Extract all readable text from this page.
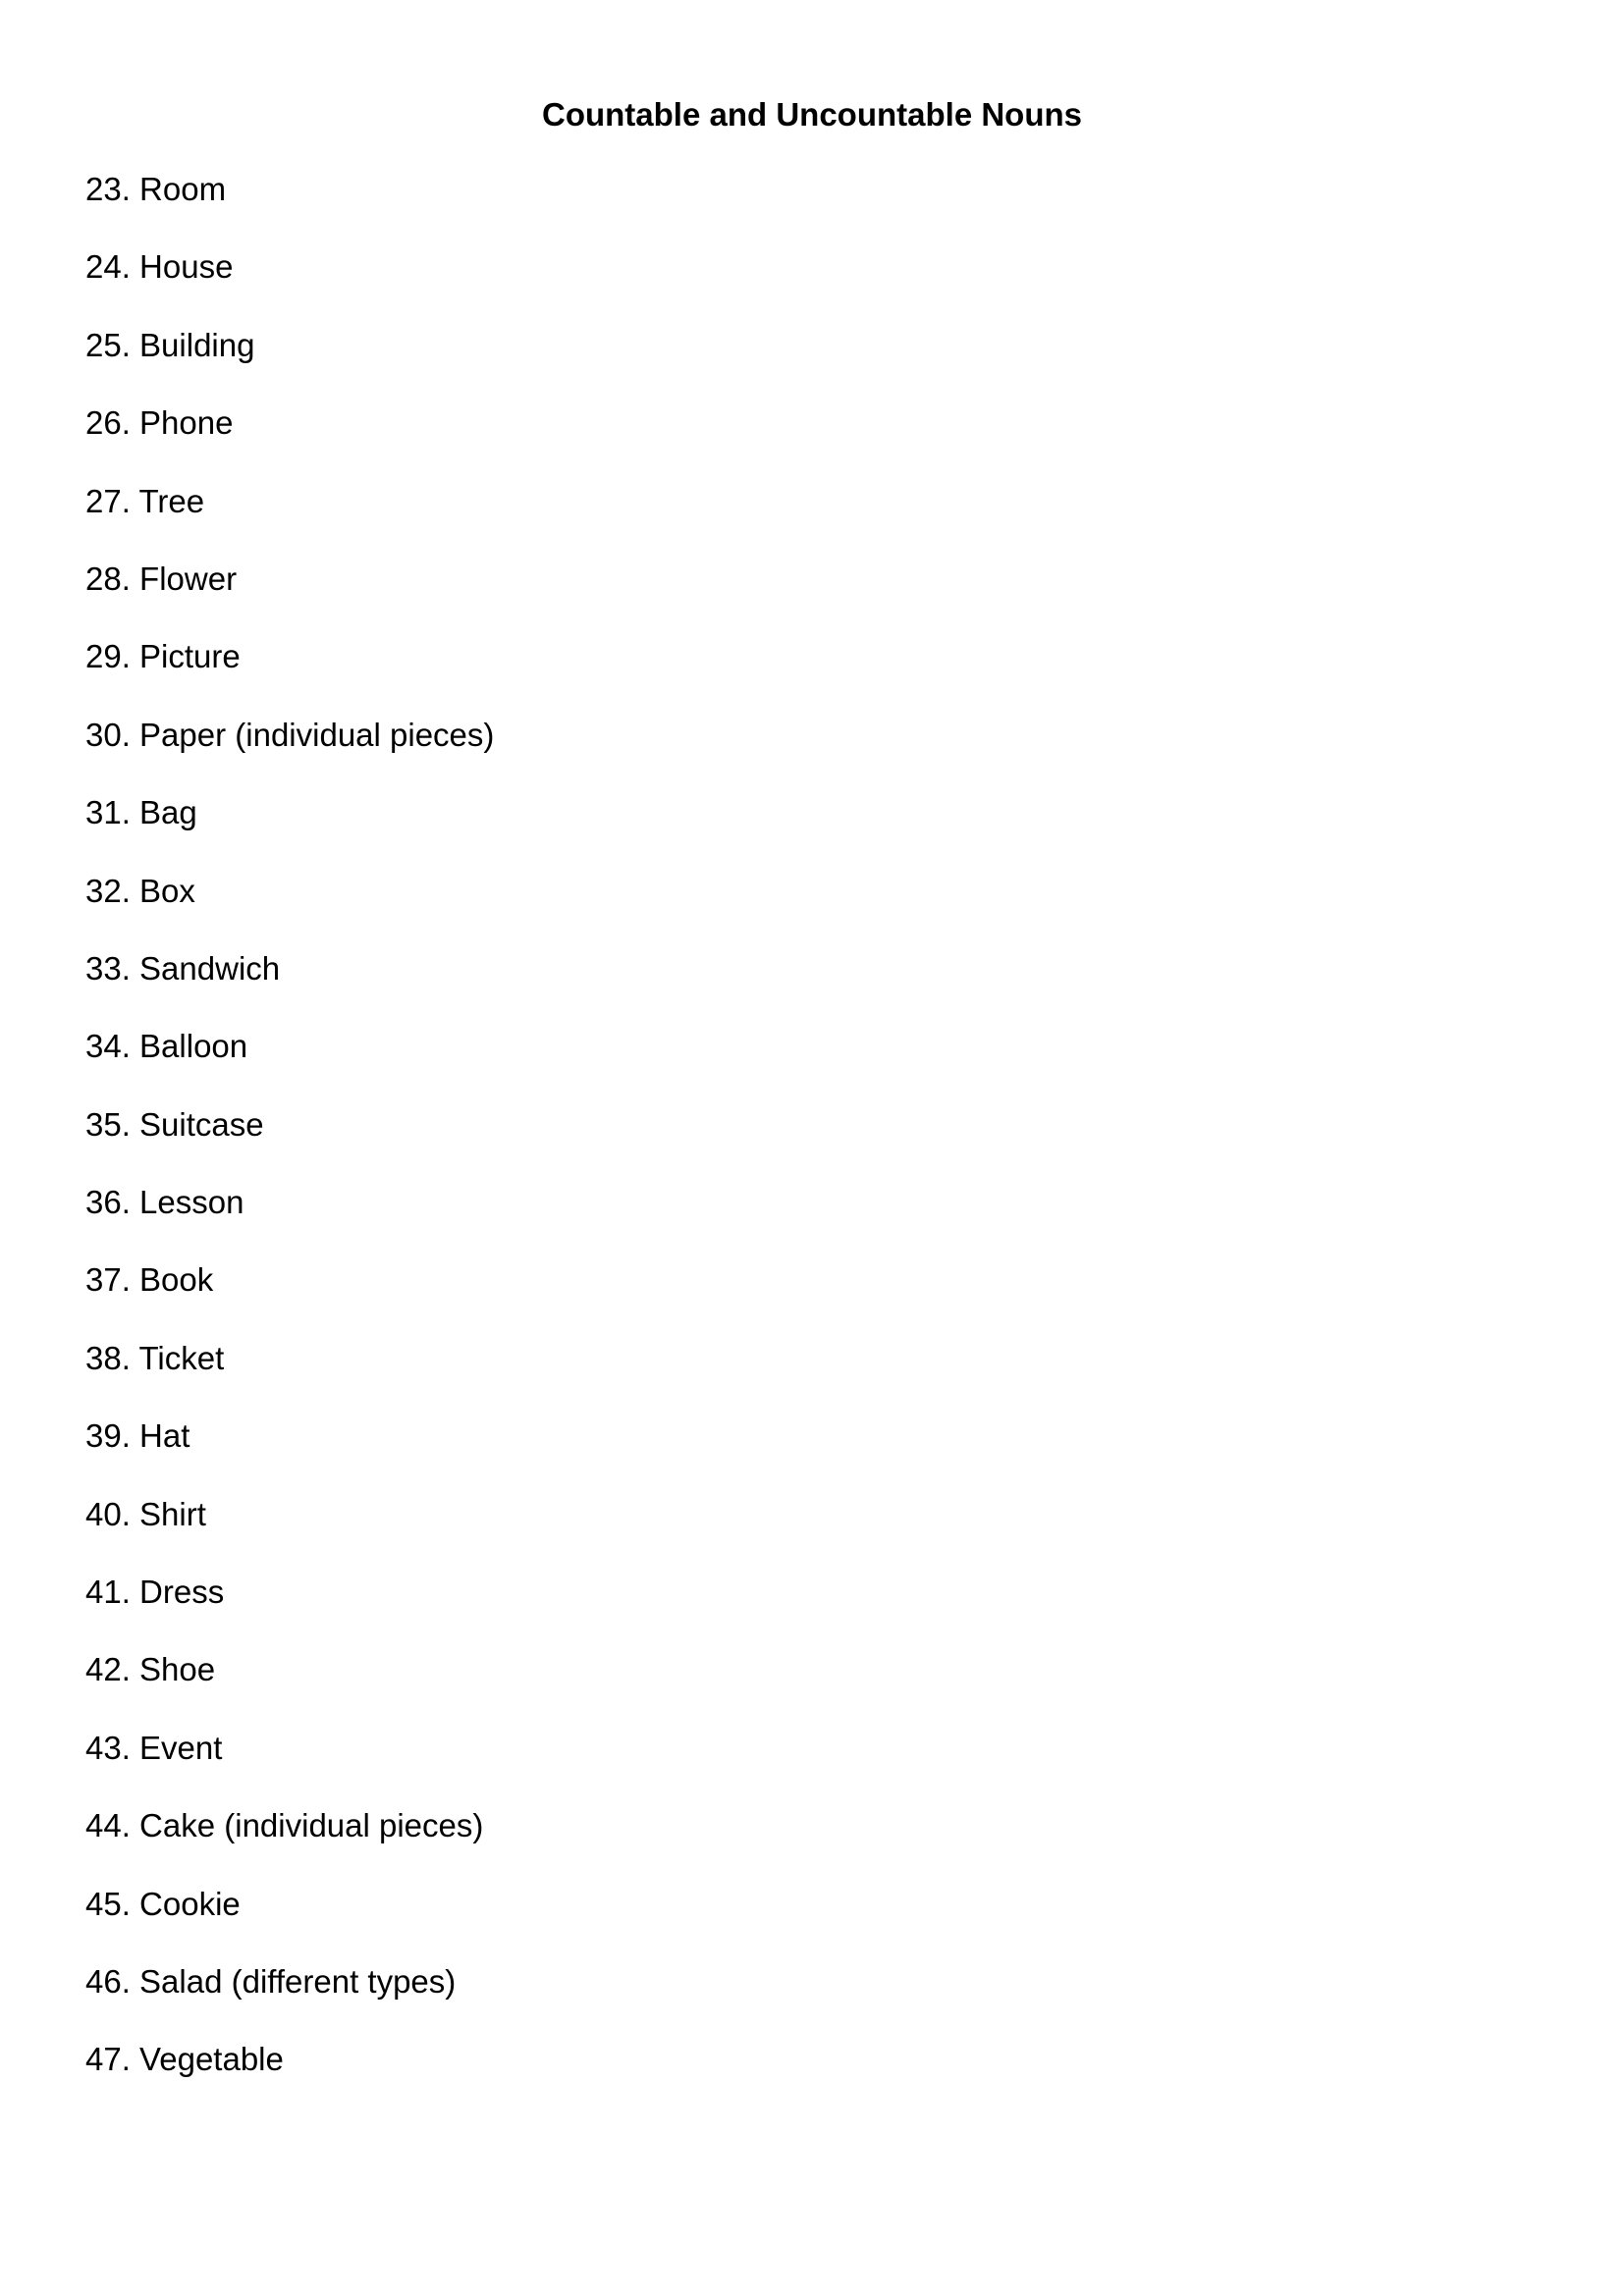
Countable and Uncountable Nouns
23. Room
24. House
25. Building
26. Phone
27. Tree
28. Flower
29. Picture
30. Paper (individual pieces)
31. Bag
32. Box
33. Sandwich
34. Balloon
35. Suitcase
36. Lesson
37. Book
38. Ticket
39. Hat
40. Shirt
41. Dress
42. Shoe
43. Event
44. Cake (individual pieces)
45. Cookie
46. Salad (different types)
47. Vegetable
